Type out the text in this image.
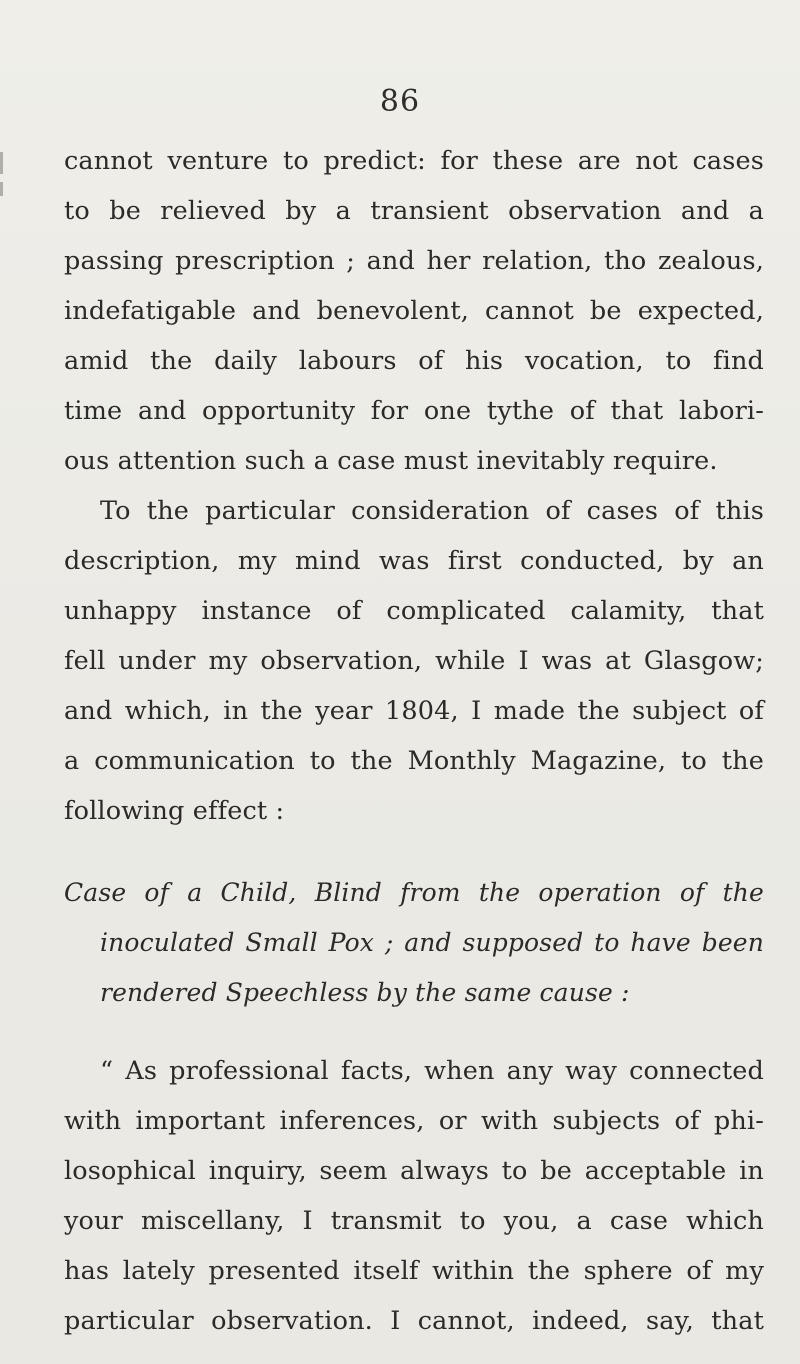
86
cannot venture to predict: for these are not cases
to be relieved by a transient observation and a
passing prescription ; and her relation, tho zealous,
indefatigable and benevolent, cannot be expected,
amid the daily labours of his vocation, to find
time and opportunity for one tythe of that labori-
ous attention such a case must inevitably require.
To the particular consideration of cases of this
description, my mind was first conducted, by an
unhappy instance of complicated calamity, that
fell under my observation, while I was at Glasgow;
and which, in the year 1804, I made the subject of
a communication to the Monthly Magazine, to the
following effect :
Case of a Child, Blind from the operation of the
inoculated Small Pox ; and supposed to have been
rendered Speechless by the same cause :
“ As professional facts, when any way connected
with important inferences, or with subjects of phi-
losophical inquiry, seem always to be acceptable in
your miscellany, I transmit to you, a case which
has lately presented itself within the sphere of my
particular observation. I cannot, indeed, say, that
